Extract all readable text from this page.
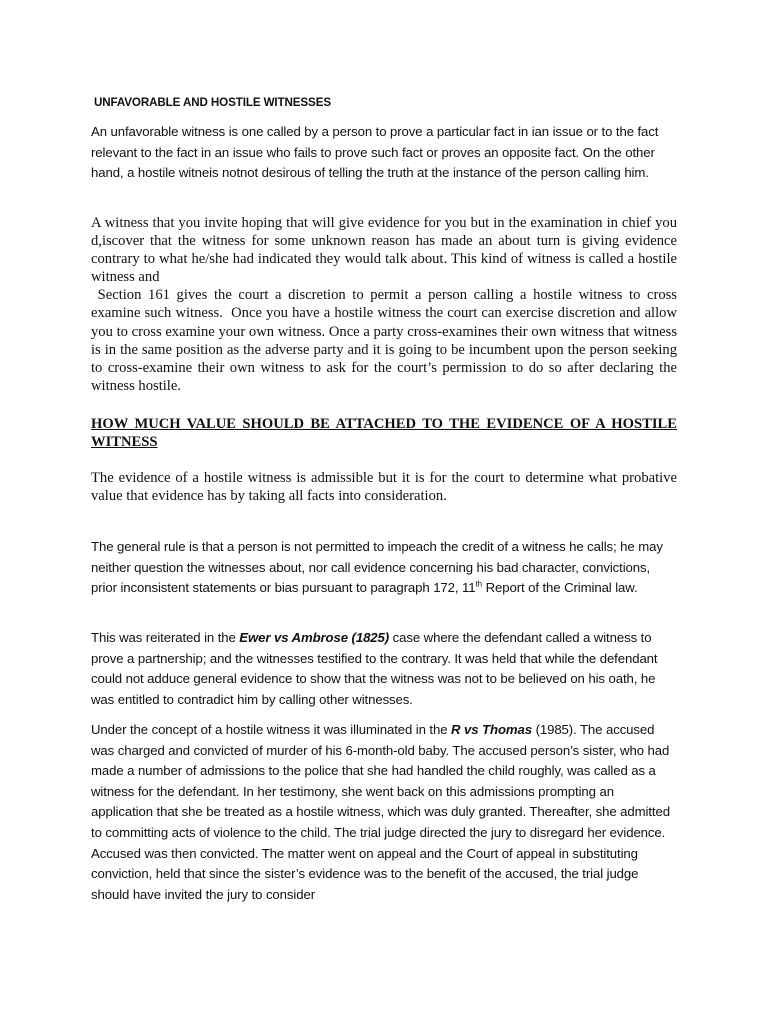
UNFAVORABLE AND HOSTILE WITNESSES

An unfavorable witness is one called by a person to prove a particular fact in ian issue or to the fact relevant to the fact in an issue who fails to prove such fact or proves an opposite fact. On the other hand, a hostile witneis notnot desirous of telling the truth at the instance of the person calling him.

A witness that you invite hoping that will give evidence for you but in the examination in chief you d,iscover that the witness for some unknown reason has made an about turn is giving evidence contrary to what he/she had indicated they would talk about. This kind of witness is called a hostile witness and
Section 161 gives the court a discretion to permit a person calling a hostile witness to cross examine such witness.  Once you have a hostile witness the court can exercise discretion and allow you to cross examine your own witness. Once a party cross-examines their own witness that witness is in the same position as the adverse party and it is going to be incumbent upon the person seeking to cross-examine their own witness to ask for the court’s permission to do so after declaring the witness hostile.

HOW MUCH VALUE SHOULD BE ATTACHED TO THE EVIDENCE OF A HOSTILE WITNESS

The evidence of a hostile witness is admissible but it is for the court to determine what probative value that evidence has by taking all facts into consideration.

The general rule is that a person is not permitted to impeach the credit of a witness he calls; he may neither question the witnesses about, nor call evidence concerning his bad character, convictions, prior inconsistent statements or bias pursuant to paragraph 172, 11th Report of the Criminal law.

This was reiterated in the Ewer vs Ambrose (1825) case where the defendant called a witness to prove a partnership; and the witnesses testified to the contrary. It was held that while the defendant could not adduce general evidence to show that the witness was not to be believed on his oath, he was entitled to contradict him by calling other witnesses.

Under the concept of a hostile witness it was illuminated in the R vs Thomas (1985). The accused was charged and convicted of murder of his 6-month-old baby. The accused person’s sister, who had made a number of admissions to the police that she had handled the child roughly, was called as a witness for the defendant. In her testimony, she went back on this admissions prompting an application that she be treated as a hostile witness, which was duly granted. Thereafter, she admitted to committing acts of violence to the child. The trial judge directed the jury to disregard her evidence. Accused was then convicted. The matter went on appeal and the Court of appeal in substituting conviction, held that since the sister’s evidence was to the benefit of the accused, the trial judge should have invited the jury to consider
